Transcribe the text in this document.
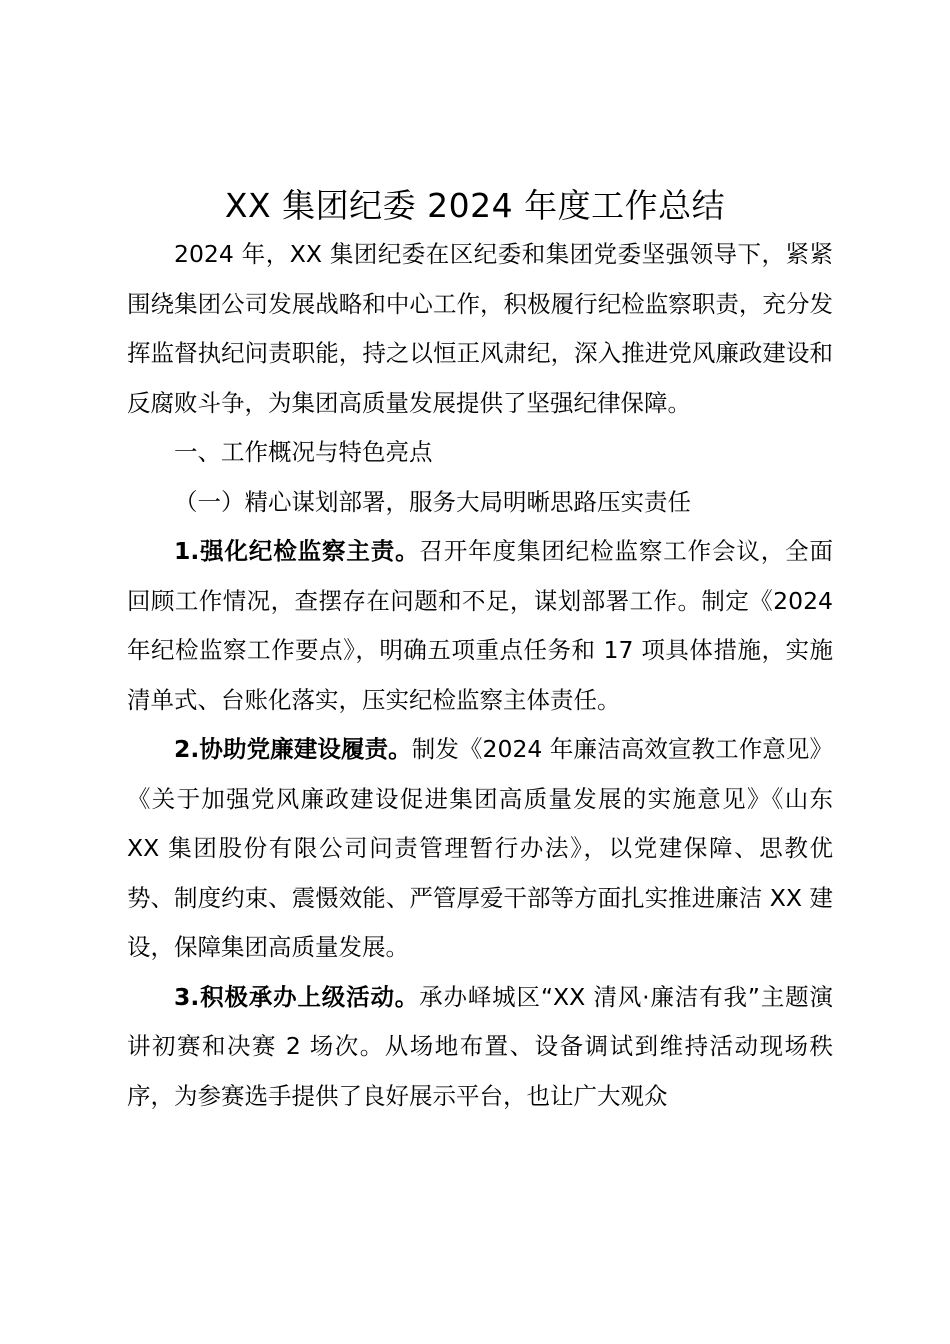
XX 集团纪委 2024 年度工作总结

2024 年，XX 集团纪委在区纪委和集团党委坚强领导下，紧紧围绕集团公司发展战略和中心工作，积极履行纪检监察职责，充分发挥监督执纪问责职能，持之以恒正风肃纪，深入推进党风廉政建设和反腐败斗争，为集团高质量发展提供了坚强纪律保障。

一、工作概况与特色亮点

（一）精心谋划部署，服务大局明晰思路压实责任

1.强化纪检监察主责。召开年度集团纪检监察工作会议，全面回顾工作情况，查摆存在问题和不足，谋划部署工作。制定《2024 年纪检监察工作要点》，明确五项重点任务和 17 项具体措施，实施清单式、台账化落实，压实纪检监察主体责任。

2.协助党廉建设履责。制发《2024 年廉洁高效宣教工作意见》《关于加强党风廉政建设促进集团高质量发展的实施意见》《山东 XX 集团股份有限公司问责管理暂行办法》，以党建保障、思教优势、制度约束、震慑效能、严管厚爱干部等方面扎实推进廉洁 XX 建设，保障集团高质量发展。

3.积极承办上级活动。承办峄城区“XX 清风·廉洁有我”主题演讲初赛和决赛 2 场次。从场地布置、设备调试到维持活动现场秩序，为参赛选手提供了良好展示平台，也让广大观众
